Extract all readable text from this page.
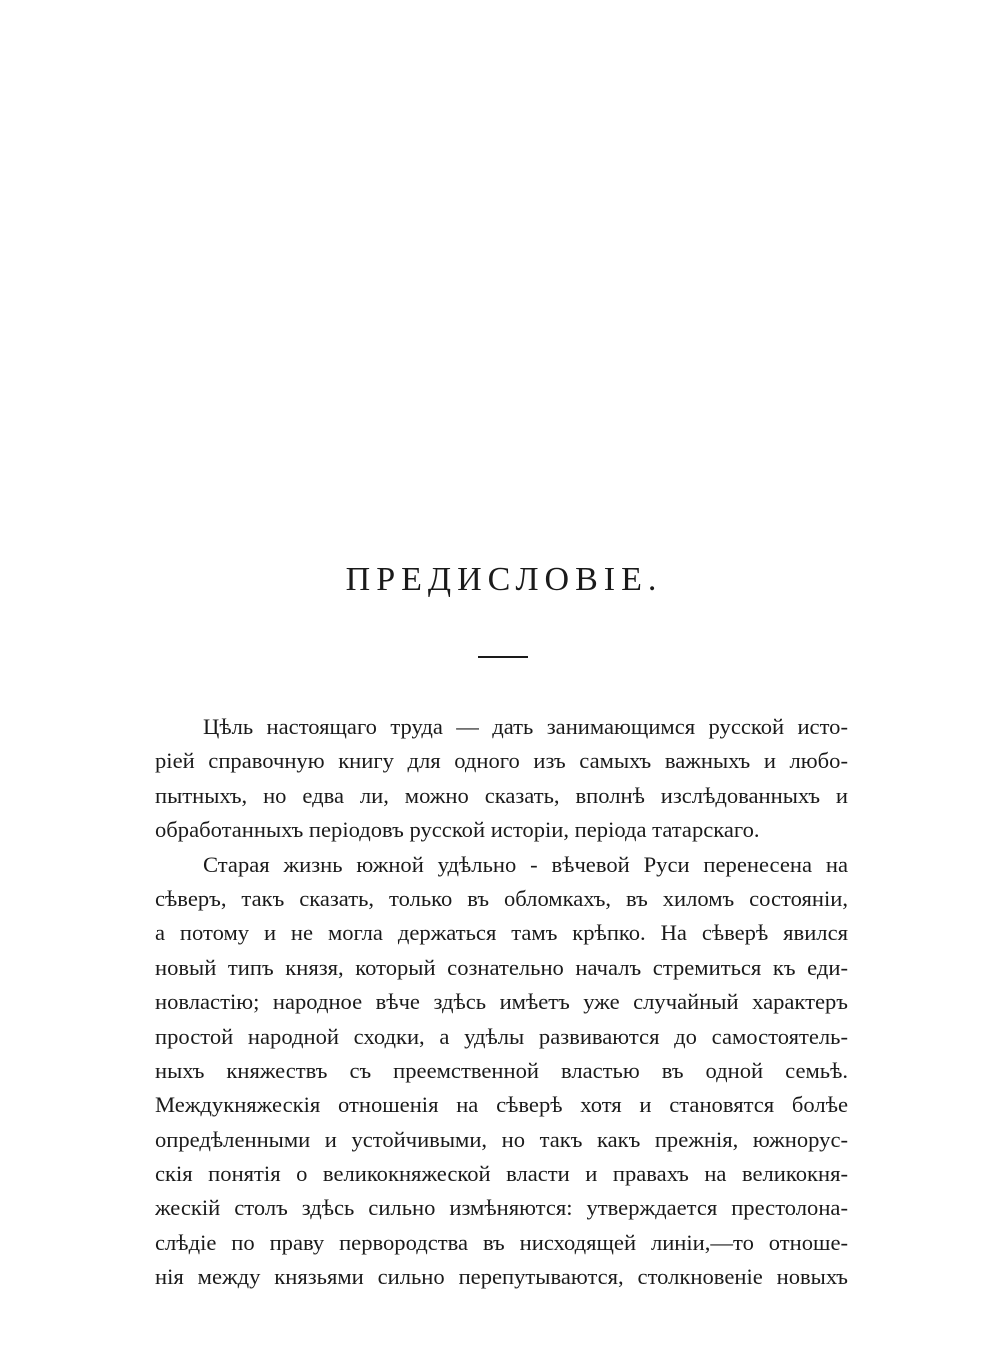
ПРЕДИСЛОВІЕ.
Цѣль настоящаго труда — дать занимающимся русской исто-
ріей справочную книгу для одного изъ самыхъ важныхъ и любо-
пытныхъ, но едва ли, можно сказать, вполнѣ изслѣдованныхъ и
обработанныхъ періодовъ русской исторіи, періода татарскаго.
Старая жизнь южной удѣльно - вѣчевой Руси перенесена на
сѣверъ, такъ сказать, только въ обломкахъ, въ хиломъ состояніи,
а потому и не могла держаться тамъ крѣпко. На сѣверѣ явился
новый типъ князя, который сознательно началъ стремиться къ еди-
новластію; народное вѣче здѣсь имѣетъ уже случайный характеръ
простой народной сходки, а удѣлы развиваются до самостоятель-
ныхъ княжествъ съ преемственной властью въ одной семьѣ.
Междукняжескія отношенія на сѣверѣ хотя и становятся болѣе
опредѣленными и устойчивыми, но такъ какъ прежнія, южнорус-
скія понятія о великокняжеской власти и правахъ на великокня-
жескій столъ здѣсь сильно измѣняются: утверждается престолона-
слѣдіе по праву первородства въ нисходящей линіи,—то отноше-
нія между князьями сильно перепутываются, столкновеніе новыхъ
